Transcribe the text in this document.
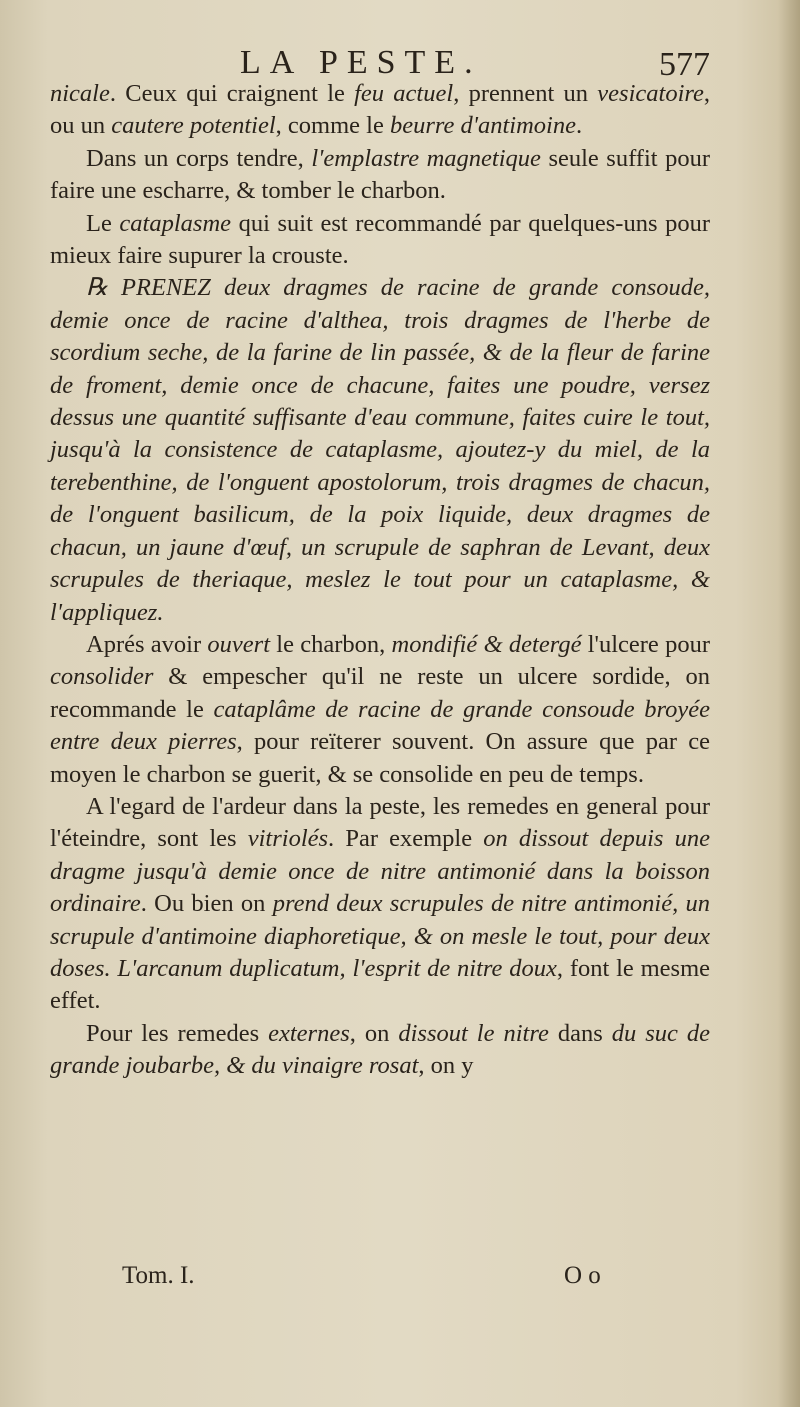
LA PESTE.	577

nicale. Ceux qui craignent le feu actuel, prennent un vesicatoire, ou un cautere potentiel, comme le beurre d'antimoine.

Dans un corps tendre, l'emplastre magnetique seule suffit pour faire une escharre, & tomber le charbon.

Le cataplasme qui suit est recommandé par quelques-uns pour mieux faire supurer la crouste.

℞ PRENEZ deux dragmes de racine de grande consoude, demie once de racine d'althea, trois dragmes de l'herbe de scordium seche, de la farine de lin passée, & de la fleur de farine de froment, demie once de chacune, faites une poudre, versez dessus une quantité suffisante d'eau commune, faites cuire le tout, jusqu'à la consistence de cataplasme, ajoutez-y du miel, de la terebenthine, de l'onguent apostolorum, trois dragmes de chacun, de l'onguent basilicum, de la poix liquide, deux dragmes de chacun, un jaune d'œuf, un scrupule de saphran de Levant, deux scrupules de theriaque, meslez le tout pour un cataplasme, & l'appliquez.

Aprés avoir ouvert le charbon, mondifié & detergé l'ulcere pour consolider & empescher qu'il ne reste un ulcere sordide, on recommande le cataplâme de racine de grande consoude broyée entre deux pierres, pour reïterer souvent. On assure que par ce moyen le charbon se guerit, & se consolide en peu de temps.

A l'egard de l'ardeur dans la peste, les remedes en general pour l'éteindre, sont les vitriolés. Par exemple on dissout depuis une dragme jusqu'à demie once de nitre antimonié dans la boisson ordinaire. Ou bien on prend deux scrupules de nitre antimonié, un scrupule d'antimoine diaphoretique, & on mesle le tout, pour deux doses. L'arcanum duplicatum, l'esprit de nitre doux, font le mesme effet.

Pour les remedes externes, on dissout le nitre dans du suc de grande joubarbe, & du vinaigre rosat, on y

Tom. I.	O o
